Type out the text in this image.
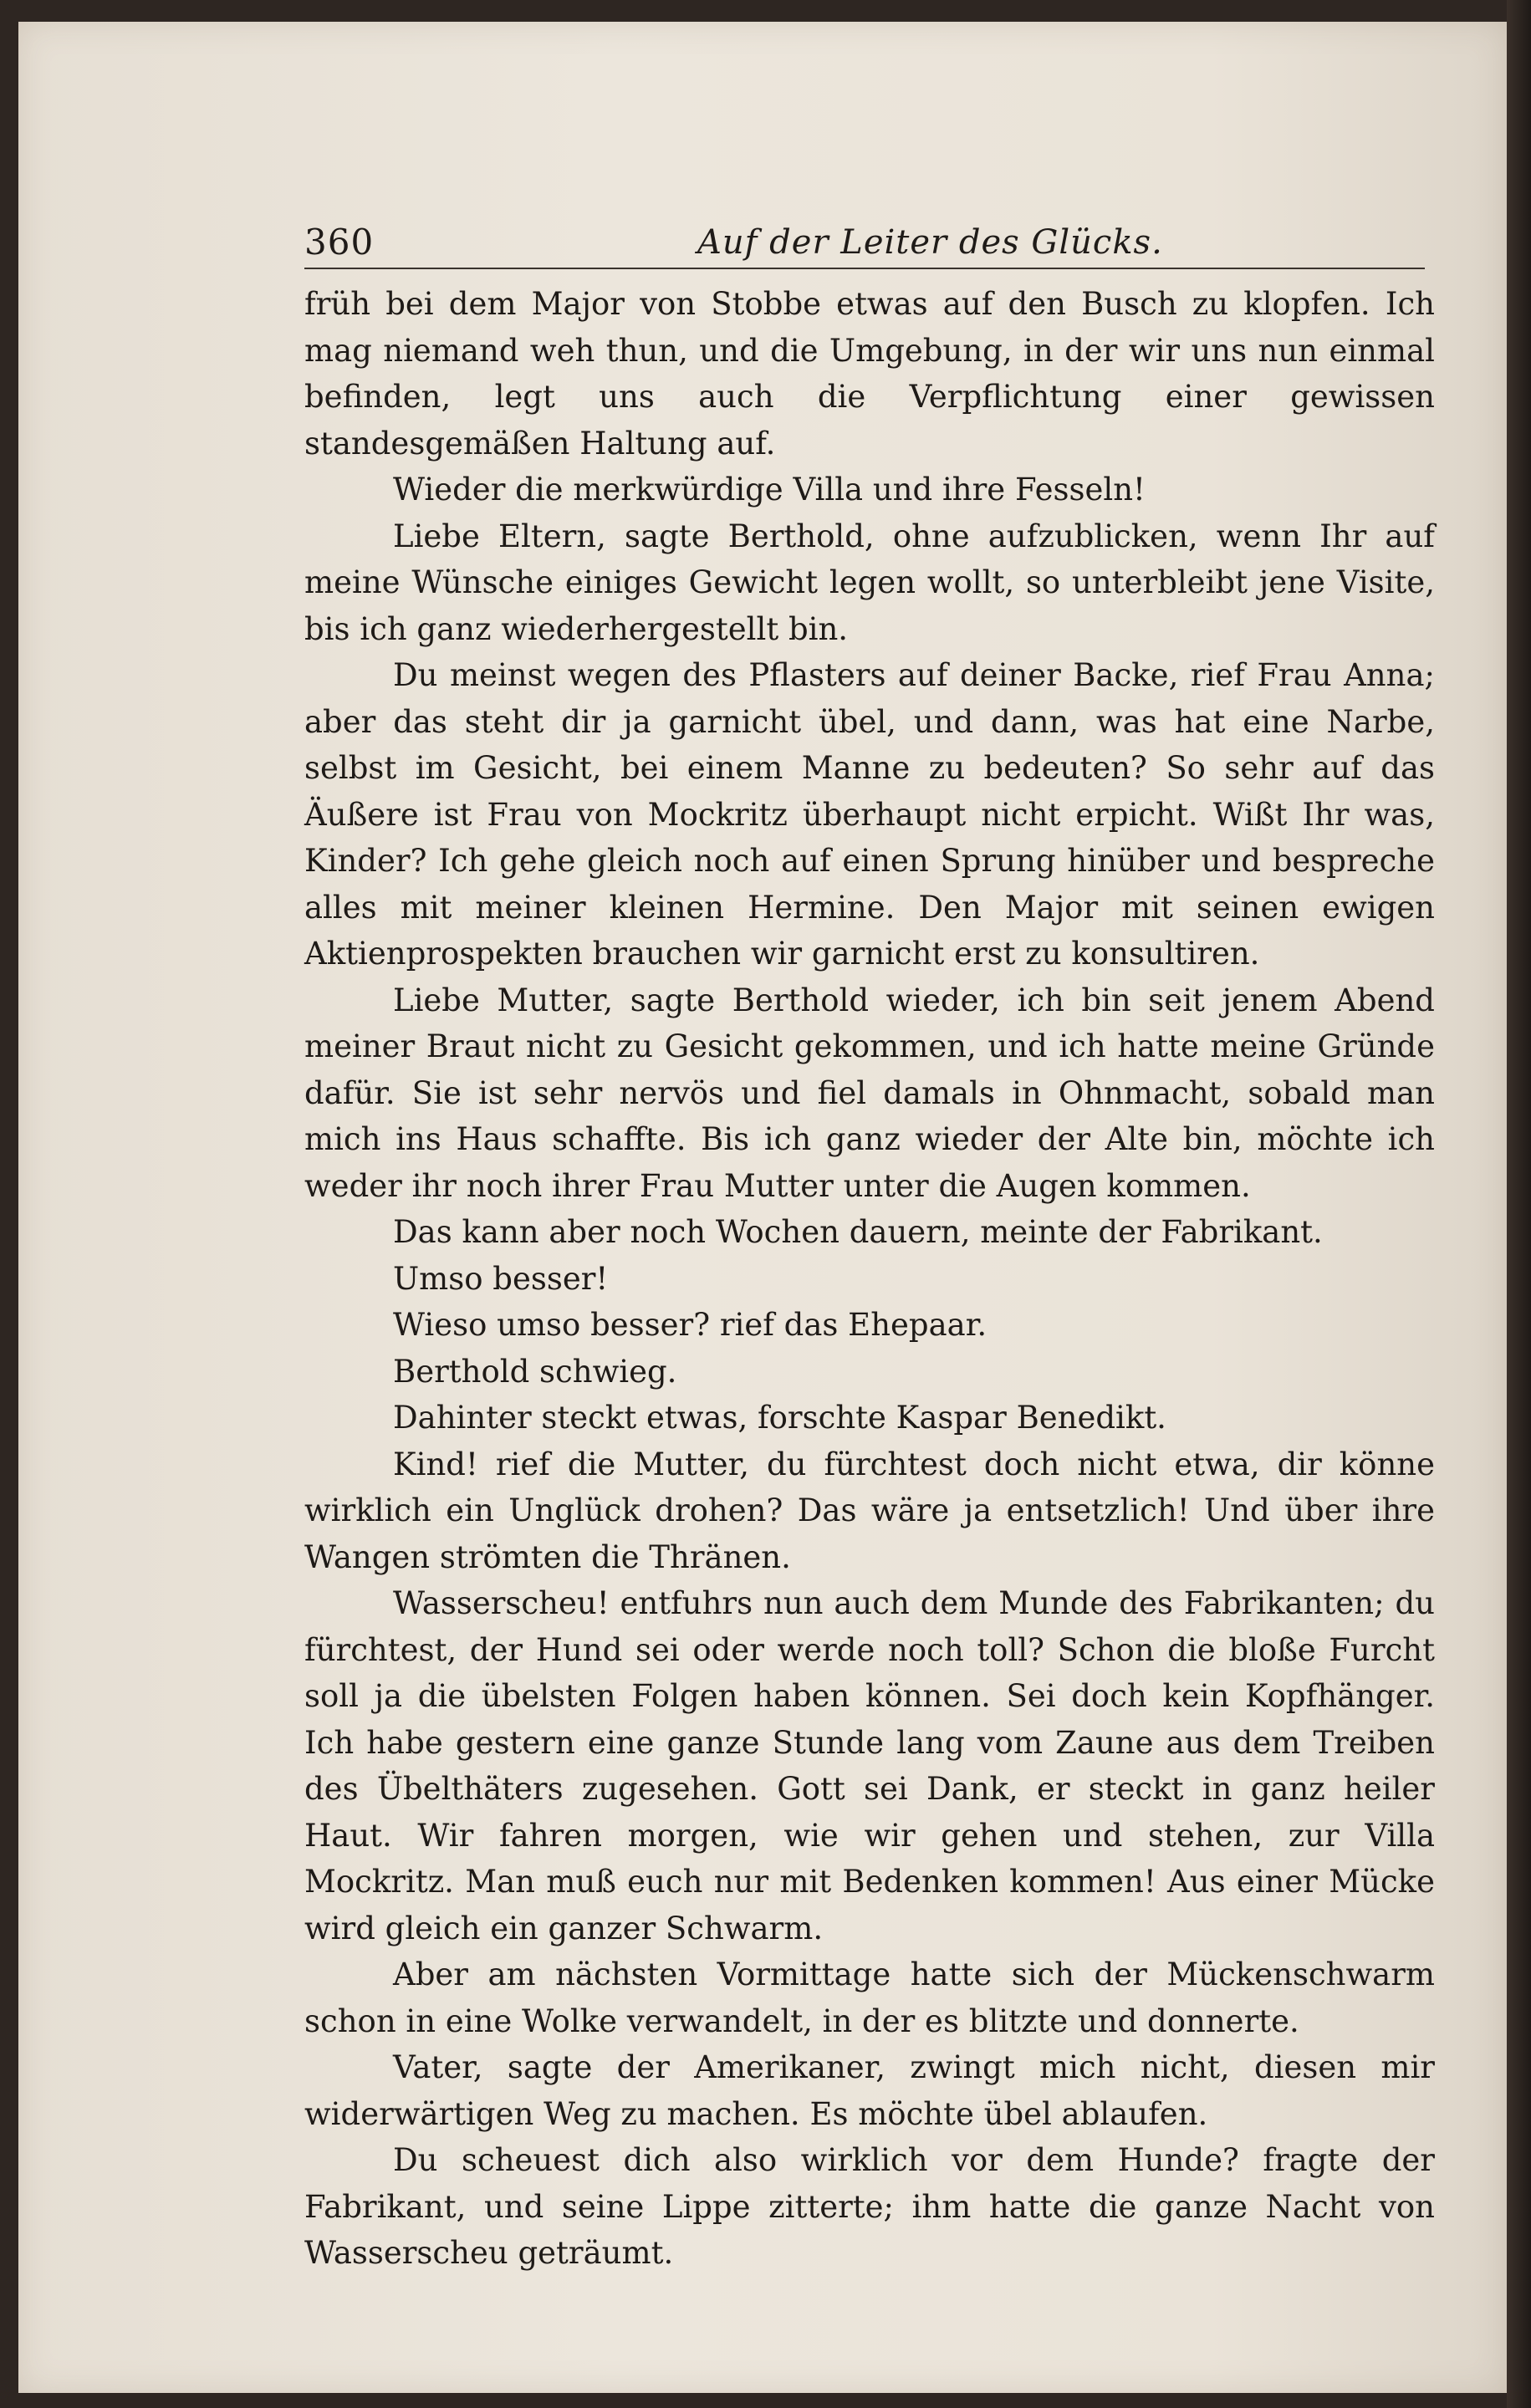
360	Auf der Leiter des Glücks.

früh bei dem Major von Stobbe etwas auf den Busch zu klopfen. Ich mag niemand weh thun, und die Umgebung, in der wir uns nun einmal befinden, legt uns auch die Verpflichtung einer gewissen standesgemäßen Haltung auf.

Wieder die merkwürdige Villa und ihre Fesseln!

Liebe Eltern, sagte Berthold, ohne aufzublicken, wenn Ihr auf meine Wünsche einiges Gewicht legen wollt, so unterbleibt jene Visite, bis ich ganz wiederhergestellt bin.

Du meinst wegen des Pflasters auf deiner Backe, rief Frau Anna; aber das steht dir ja garnicht übel, und dann, was hat eine Narbe, selbst im Gesicht, bei einem Manne zu bedeuten? So sehr auf das Äußere ist Frau von Mockritz überhaupt nicht erpicht. Wißt Ihr was, Kinder? Ich gehe gleich noch auf einen Sprung hinüber und bespreche alles mit meiner kleinen Hermine. Den Major mit seinen ewigen Aktienprospekten brauchen wir garnicht erst zu konsultiren.

Liebe Mutter, sagte Berthold wieder, ich bin seit jenem Abend meiner Braut nicht zu Gesicht gekommen, und ich hatte meine Gründe dafür. Sie ist sehr nervös und fiel damals in Ohnmacht, sobald man mich ins Haus schaffte. Bis ich ganz wieder der Alte bin, möchte ich weder ihr noch ihrer Frau Mutter unter die Augen kommen.

Das kann aber noch Wochen dauern, meinte der Fabrikant.

Umso besser!

Wieso umso besser? rief das Ehepaar.

Berthold schwieg.

Dahinter steckt etwas, forschte Kaspar Benedikt.

Kind! rief die Mutter, du fürchtest doch nicht etwa, dir könne wirklich ein Unglück drohen? Das wäre ja entsetzlich! Und über ihre Wangen strömten die Thränen.

Wasserscheu! entfuhrs nun auch dem Munde des Fabrikanten; du fürchtest, der Hund sei oder werde noch toll? Schon die bloße Furcht soll ja die übelsten Folgen haben können. Sei doch kein Kopfhänger. Ich habe gestern eine ganze Stunde lang vom Zaune aus dem Treiben des Übelthäters zugesehen. Gott sei Dank, er steckt in ganz heiler Haut. Wir fahren morgen, wie wir gehen und stehen, zur Villa Mockritz. Man muß euch nur mit Bedenken kommen! Aus einer Mücke wird gleich ein ganzer Schwarm.

Aber am nächsten Vormittage hatte sich der Mückenschwarm schon in eine Wolke verwandelt, in der es blitzte und donnerte.

Vater, sagte der Amerikaner, zwingt mich nicht, diesen mir widerwärtigen Weg zu machen. Es möchte übel ablaufen.

Du scheuest dich also wirklich vor dem Hunde? fragte der Fabrikant, und seine Lippe zitterte; ihm hatte die ganze Nacht von Wasserscheu geträumt.
